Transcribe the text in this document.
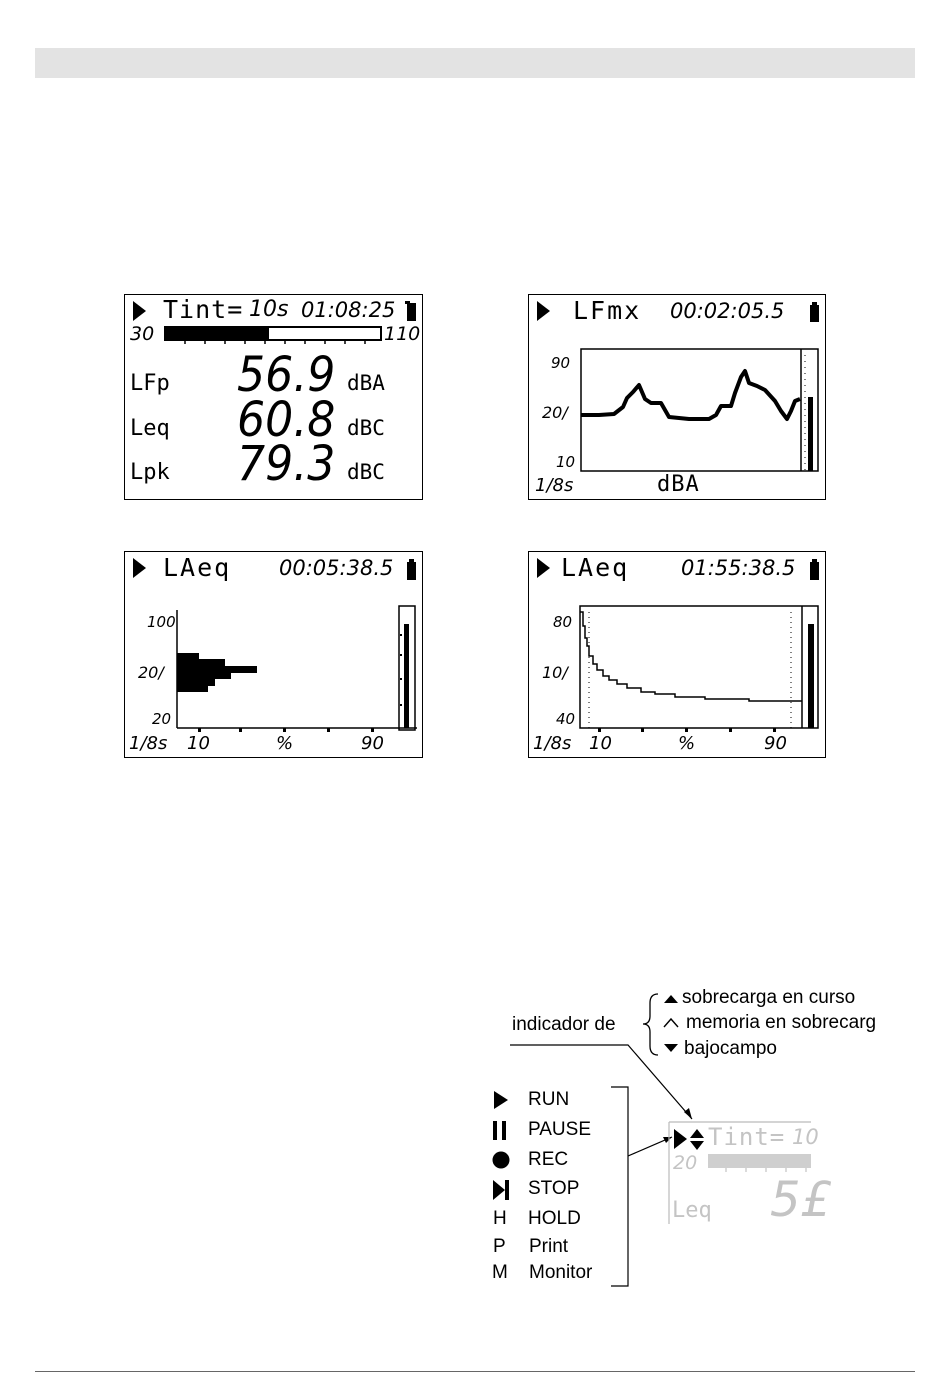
Tint= 10s 01:08:25
30	110
LFp 56.9 dBA
Leq 60.8 dBC
Lpk 79.3 dBC
LFmx 00:02:05.5
90
20/
10
1/8s	dBA
LAeq 00:05:38.5
100
20/
20
1/8s 10	%	90
LAeq 01:55:38.5
80
10/
40
1/8s 10	%	90
indicador de
sobrecarga en curso
memoria en sobrecarg
bajocampo
RUN
PAUSE
REC
STOP
H HOLD
P Print
M Monitor
Tint= 10
20
Leq 5£
